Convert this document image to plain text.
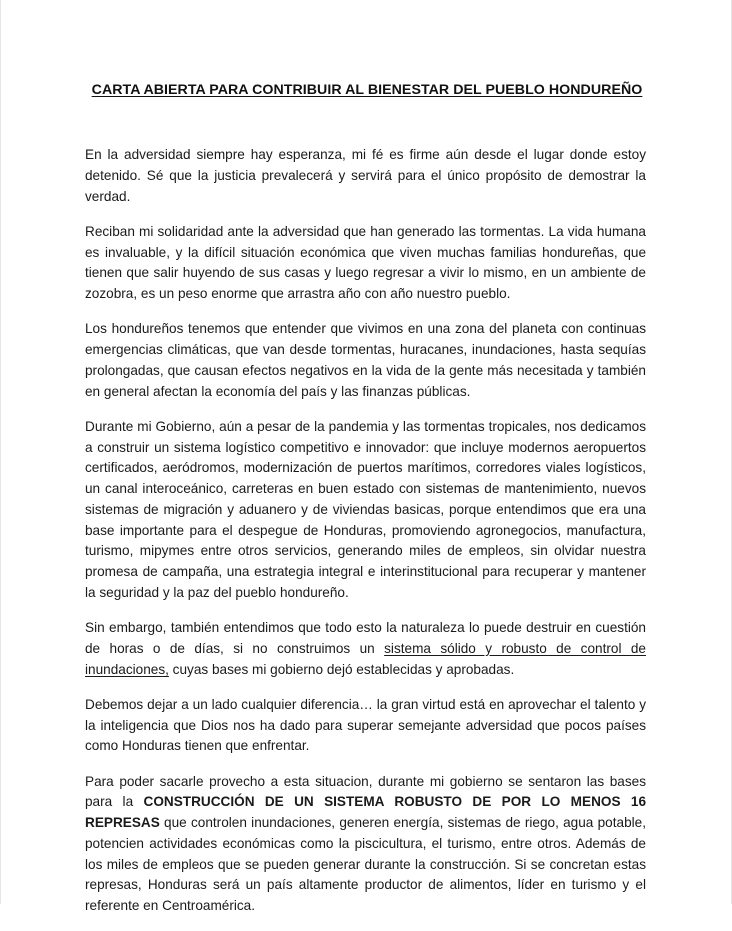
CARTA ABIERTA PARA CONTRIBUIR AL BIENESTAR DEL PUEBLO HONDUREÑO

En la adversidad siempre hay esperanza, mi fé es firme aún desde el lugar donde estoy detenido. Sé que la justicia prevalecerá y servirá para el único propósito de demostrar la verdad.

Reciban mi solidaridad ante la adversidad que han generado las tormentas. La vida humana es invaluable, y la difícil situación económica que viven muchas familias hondureñas, que tienen que salir huyendo de sus casas y luego regresar a vivir lo mismo, en un ambiente de zozobra, es un peso enorme que arrastra año con año nuestro pueblo.

Los hondureños tenemos que entender que vivimos en una zona del planeta con continuas emergencias climáticas, que van desde tormentas, huracanes, inundaciones, hasta sequías prolongadas, que causan efectos negativos en la vida de la gente más necesitada y también en general afectan la economía del país y las finanzas públicas.

Durante mi Gobierno, aún a pesar de la pandemia y las tormentas tropicales, nos dedicamos a construir un sistema logístico competitivo e innovador: que incluye modernos aeropuertos certificados, aeródromos, modernización de puertos marítimos, corredores viales logísticos, un canal interoceánico, carreteras en buen estado con sistemas de mantenimiento, nuevos sistemas de migración y aduanero y de viviendas basicas, porque entendimos que era una base importante para el despegue de Honduras, promoviendo agronegocios, manufactura, turismo, mipymes entre otros servicios, generando miles de empleos, sin olvidar nuestra promesa de campaña, una estrategia integral e interinstitucional para recuperar y mantener la seguridad y la paz del pueblo hondureño.

Sin embargo, también entendimos que todo esto la naturaleza lo puede destruir en cuestión de horas o de días, si no construimos un sistema sólido y robusto de control de inundaciones, cuyas bases mi gobierno dejó establecidas y aprobadas.

Debemos dejar a un lado cualquier diferencia… la gran virtud está en aprovechar el talento y la inteligencia que Dios nos ha dado para superar semejante adversidad que pocos países como Honduras tienen que enfrentar.

Para poder sacarle provecho a esta situacion, durante mi gobierno se sentaron las bases para la CONSTRUCCIÓN DE UN SISTEMA ROBUSTO DE POR LO MENOS 16 REPRESAS que controlen inundaciones, generen energía, sistemas de riego, agua potable, potencien actividades económicas como la piscicultura, el turismo, entre otros. Además de los miles de empleos que se pueden generar durante la construcción. Si se concretan estas represas, Honduras será un país altamente productor de alimentos, líder en turismo y el referente en Centroamérica.
